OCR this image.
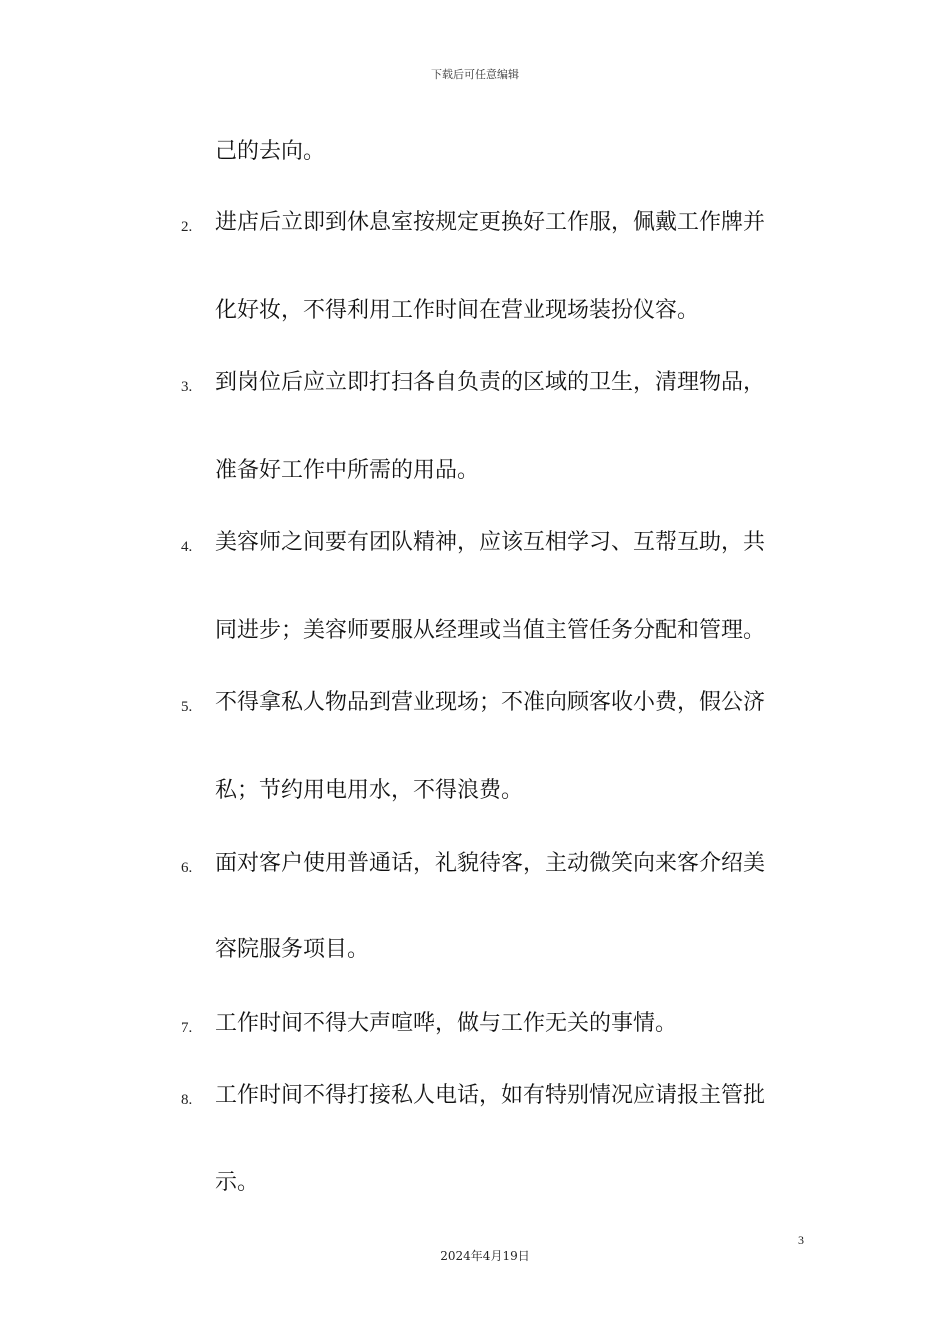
下载后可任意编辑
己的去向。
2. 进店后立即到休息室按规定更换好工作服，佩戴工作牌并
化好妆，不得利用工作时间在营业现场装扮仪容。
3. 到岗位后应立即打扫各自负责的区域的卫生，清理物品，
准备好工作中所需的用品。
4. 美容师之间要有团队精神，应该互相学习、互帮互助，共
同进步；美容师要服从经理或当值主管任务分配和管理。
5. 不得拿私人物品到营业现场；不准向顾客收小费，假公济
私；节约用电用水，不得浪费。
6. 面对客户使用普通话，礼貌待客，主动微笑向来客介绍美
容院服务项目。
7. 工作时间不得大声喧哗，做与工作无关的事情。
8. 工作时间不得打接私人电话，如有特别情况应请报主管批
示。
3
2024年4月19日
